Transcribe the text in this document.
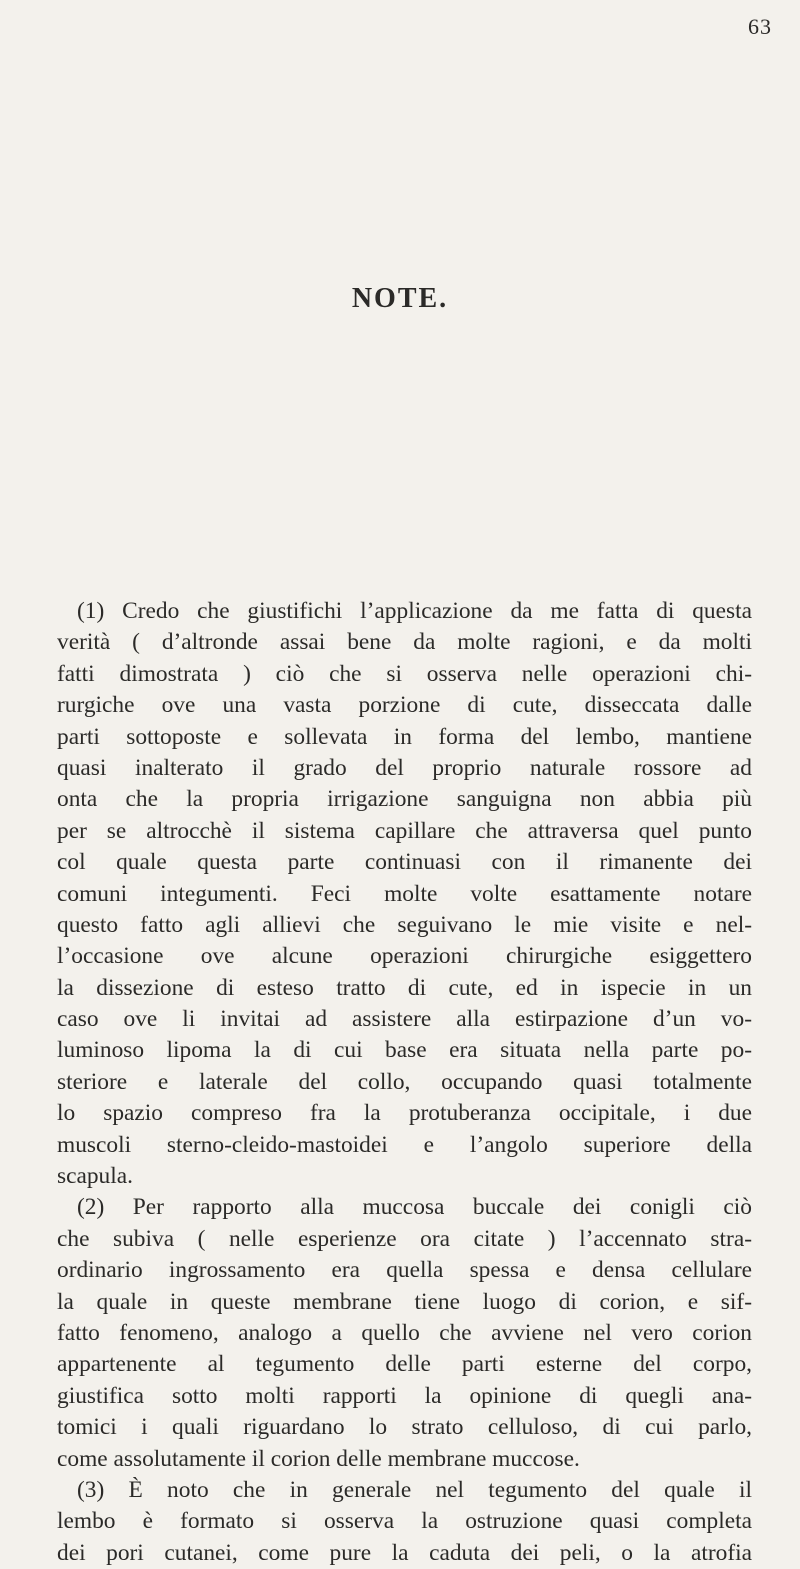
63
NOTE.
(1) Credo che giustifichi l’applicazione da me fatta di questa
verità ( d’altronde assai bene da molte ragioni, e da molti
fatti dimostrata ) ciò che si osserva nelle operazioni chi-
rurgiche ove una vasta porzione di cute, disseccata dalle
parti sottoposte e sollevata in forma del lembo, mantiene
quasi inalterato il grado del proprio naturale rossore ad
onta che la propria irrigazione sanguigna non abbia più
per se altrocchè il sistema capillare che attraversa quel punto
col quale questa parte continuasi con il rimanente dei
comuni integumenti. Feci molte volte esattamente notare
questo fatto agli allievi che seguivano le mie visite e nel-
l’occasione ove alcune operazioni chirurgiche esiggettero
la dissezione di esteso tratto di cute, ed in ispecie in un
caso ove li invitai ad assistere alla estirpazione d’un vo-
luminoso lipoma la di cui base era situata nella parte po-
steriore e laterale del collo, occupando quasi totalmente
lo spazio compreso fra la protuberanza occipitale, i due
muscoli sterno-cleido-mastoidei e l’angolo superiore della
scapula.
(2) Per rapporto alla muccosa buccale dei conigli ciò
che subiva ( nelle esperienze ora citate ) l’accennato stra-
ordinario ingrossamento era quella spessa e densa cellulare
la quale in queste membrane tiene luogo di corion, e sif-
fatto fenomeno, analogo a quello che avviene nel vero corion
appartenente al tegumento delle parti esterne del corpo,
giustifica sotto molti rapporti la opinione di quegli ana-
tomici i quali riguardano lo strato celluloso, di cui parlo,
come assolutamente il corion delle membrane muccose.
(3) È noto che in generale nel tegumento del quale il
lembo è formato si osserva la ostruzione quasi completa
dei pori cutanei, come pure la caduta dei peli, o la atrofia
